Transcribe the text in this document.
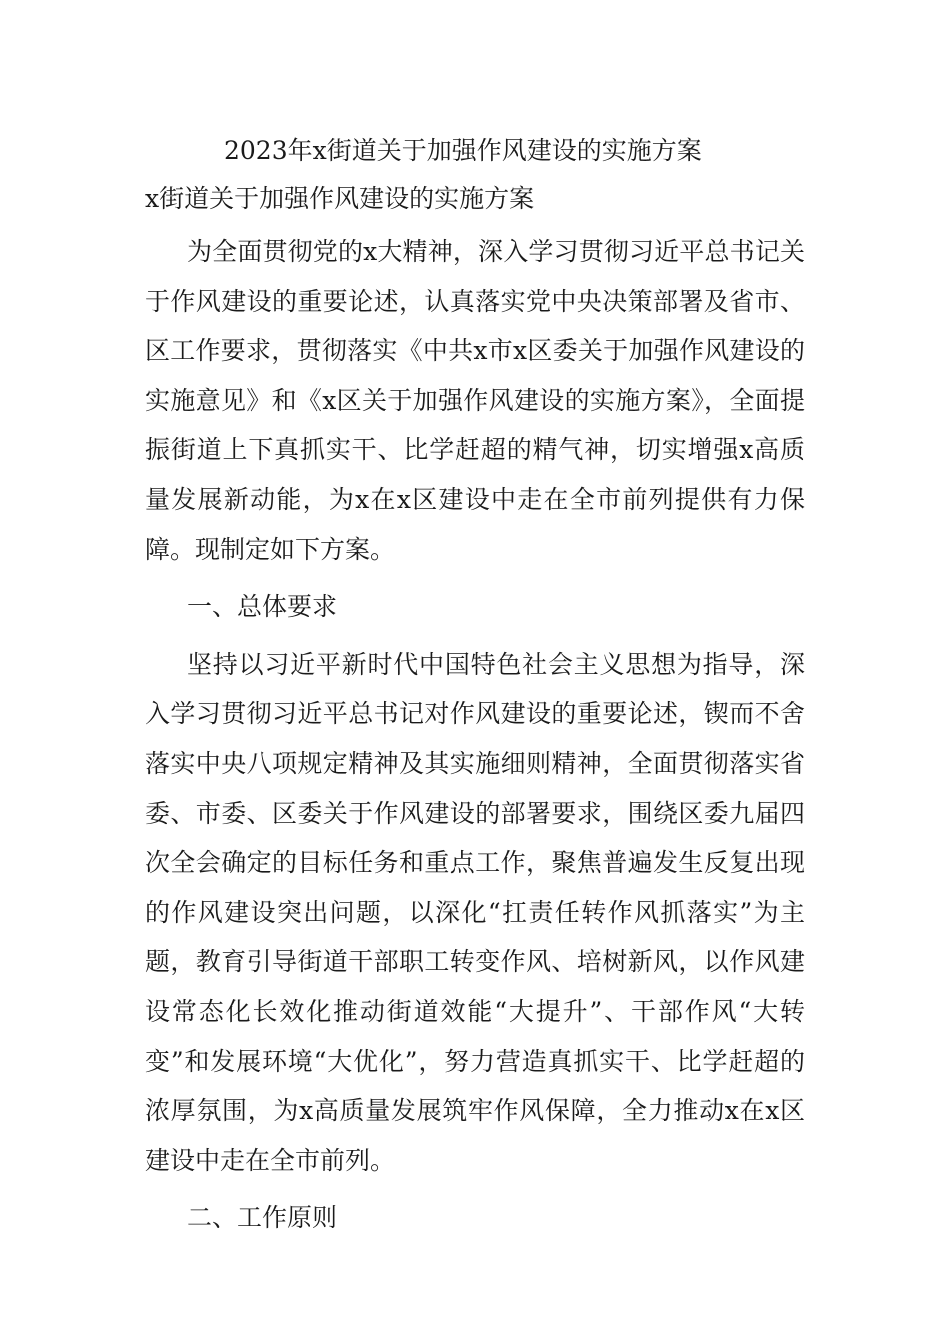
2023年x街道关于加强作风建设的实施方案
x街道关于加强作风建设的实施方案

为全面贯彻党的x大精神，深入学习贯彻习近平总书记关于作风建设的重要论述，认真落实党中央决策部署及省市、区工作要求，贯彻落实《中共x市x区委关于加强作风建设的实施意见》和《x区关于加强作风建设的实施方案》，全面提振街道上下真抓实干、比学赶超的精气神，切实增强x高质量发展新动能，为x在x区建设中走在全市前列提供有力保障。现制定如下方案。

一、总体要求

坚持以习近平新时代中国特色社会主义思想为指导，深入学习贯彻习近平总书记对作风建设的重要论述，锲而不舍落实中央八项规定精神及其实施细则精神，全面贯彻落实省委、市委、区委关于作风建设的部署要求，围绕区委九届四次全会确定的目标任务和重点工作，聚焦普遍发生反复出现的作风建设突出问题，以深化“扛责任转作风抓落实”为主题，教育引导街道干部职工转变作风、培树新风，以作风建设常态化长效化推动街道效能“大提升”、干部作风“大转变”和发展环境“大优化”，努力营造真抓实干、比学赶超的浓厚氛围，为x高质量发展筑牢作风保障，全力推动x在x区建设中走在全市前列。

二、工作原则
